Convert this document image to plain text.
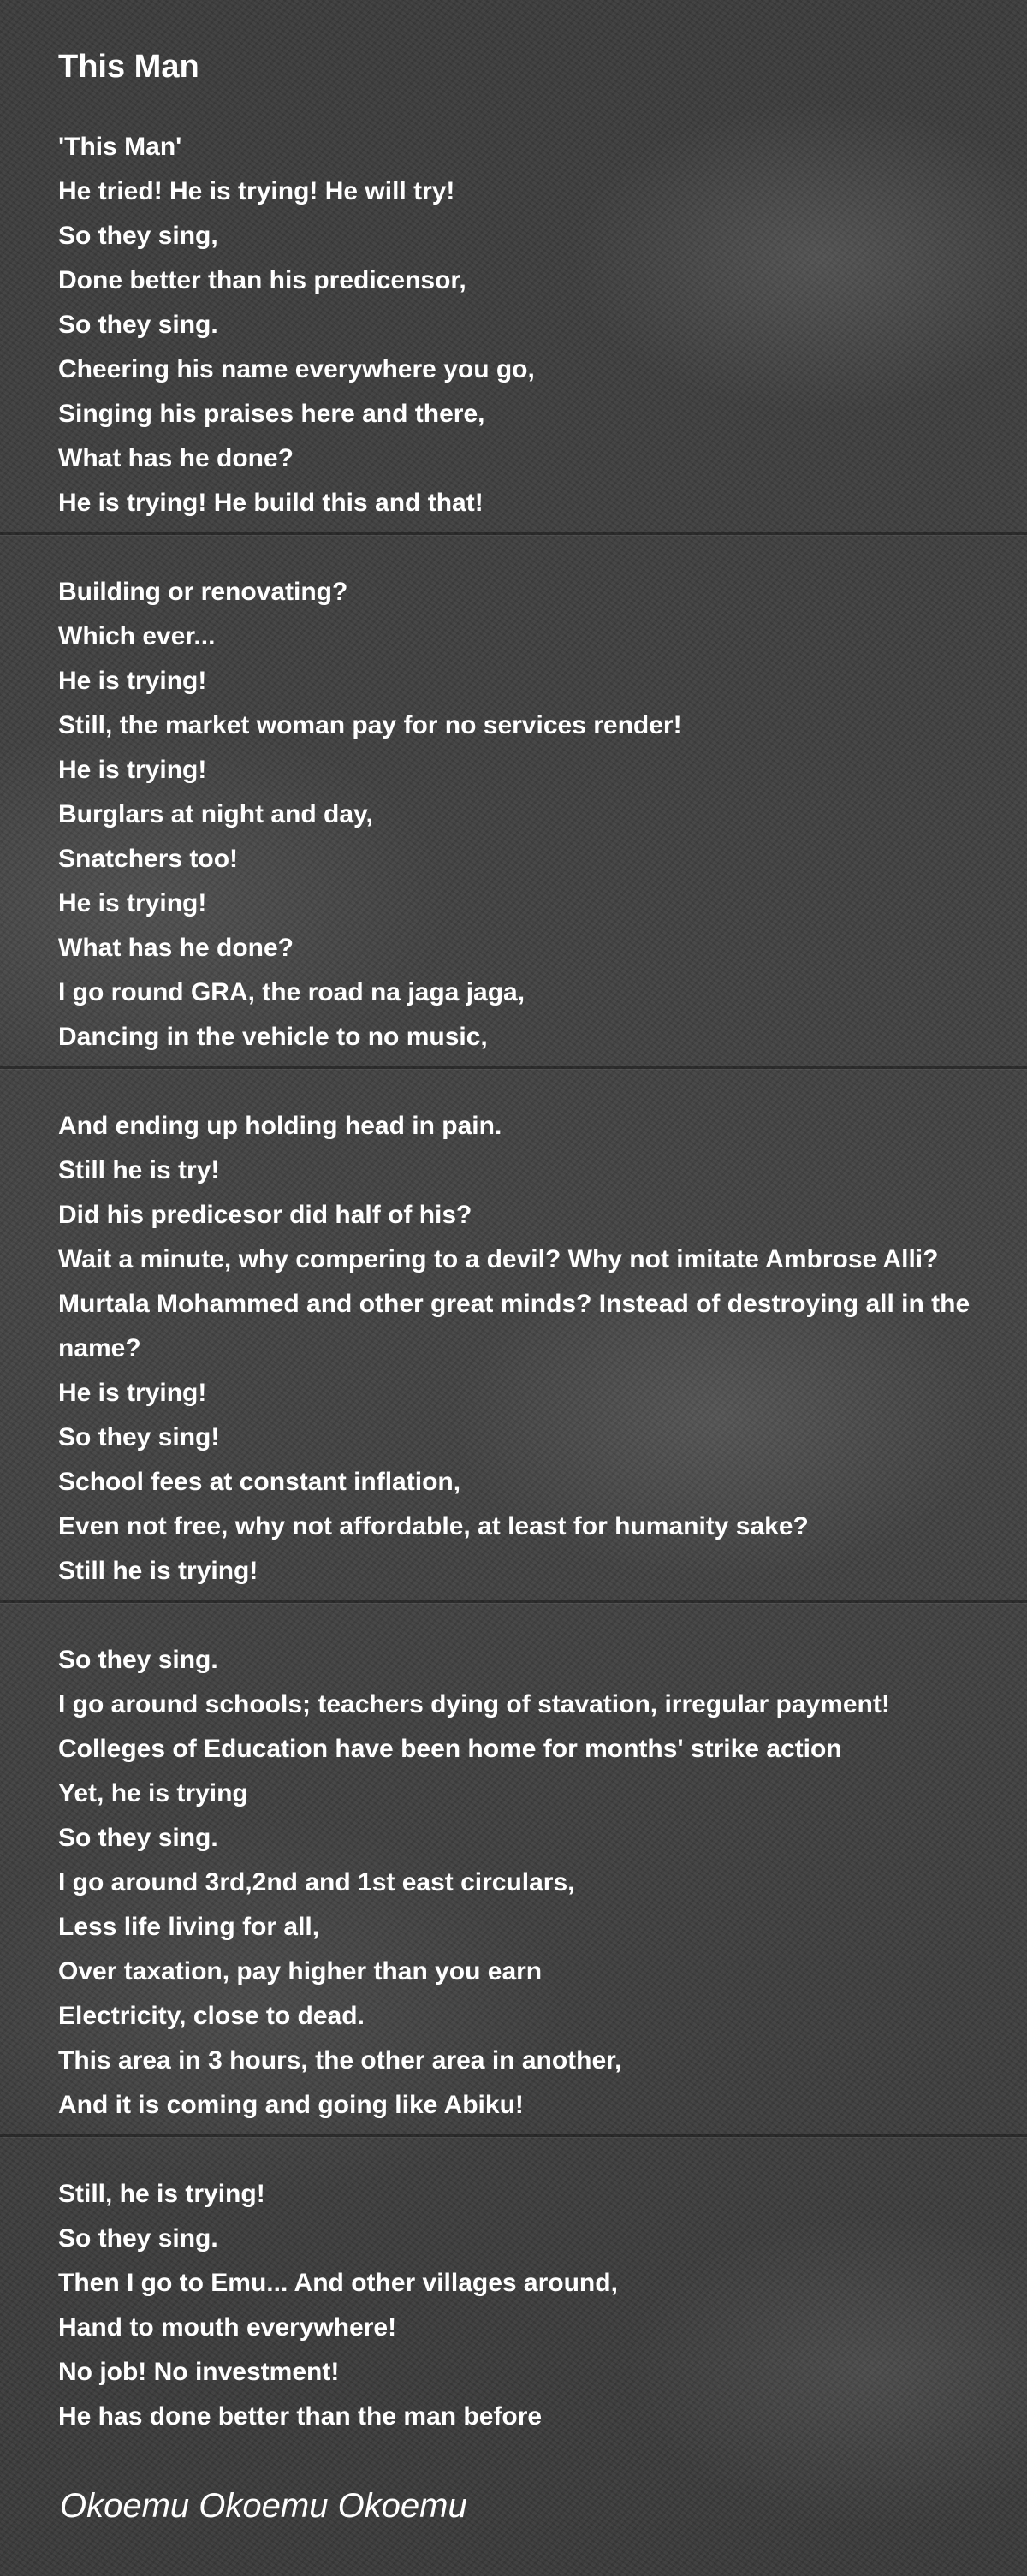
This Man
'This Man'
He tried! He is trying! He will try!
So they sing,
Done better than his predicensor,
So they sing.
Cheering his name everywhere you go,
Singing his praises here and there,
What has he done?
He is trying! He build this and that!
Building or renovating?
Which ever...
He is trying!
Still, the market woman pay for no services render!
He is trying!
Burglars at night and day,
Snatchers too!
He is trying!
What has he done?
I go round GRA, the road na jaga jaga,
Dancing in the vehicle to no music,
And ending up holding head in pain.
Still he is try!
Did his predicesor did half of his?
Wait a minute, why compering to a devil? Why not imitate Ambrose Alli? Murtala Mohammed and other great minds? Instead of destroying all in the name?
He is trying!
So they sing!
School fees at constant inflation,
Even not free, why not affordable, at least for humanity sake?
Still he is trying!
So they sing.
I go around schools; teachers dying of stavation, irregular payment!
Colleges of Education have been home for months' strike action
Yet, he is trying
So they sing.
I go around 3rd,2nd and 1st east circulars,
Less life living for all,
Over taxation, pay higher than you earn
Electricity, close to dead.
This area in 3 hours, the other area in another,
And it is coming and going like Abiku!
Still, he is trying!
So they sing.
Then I go to Emu... And other villages around,
Hand to mouth everywhere!
No job! No investment!
He has done better than the man before
Okoemu Okoemu Okoemu
